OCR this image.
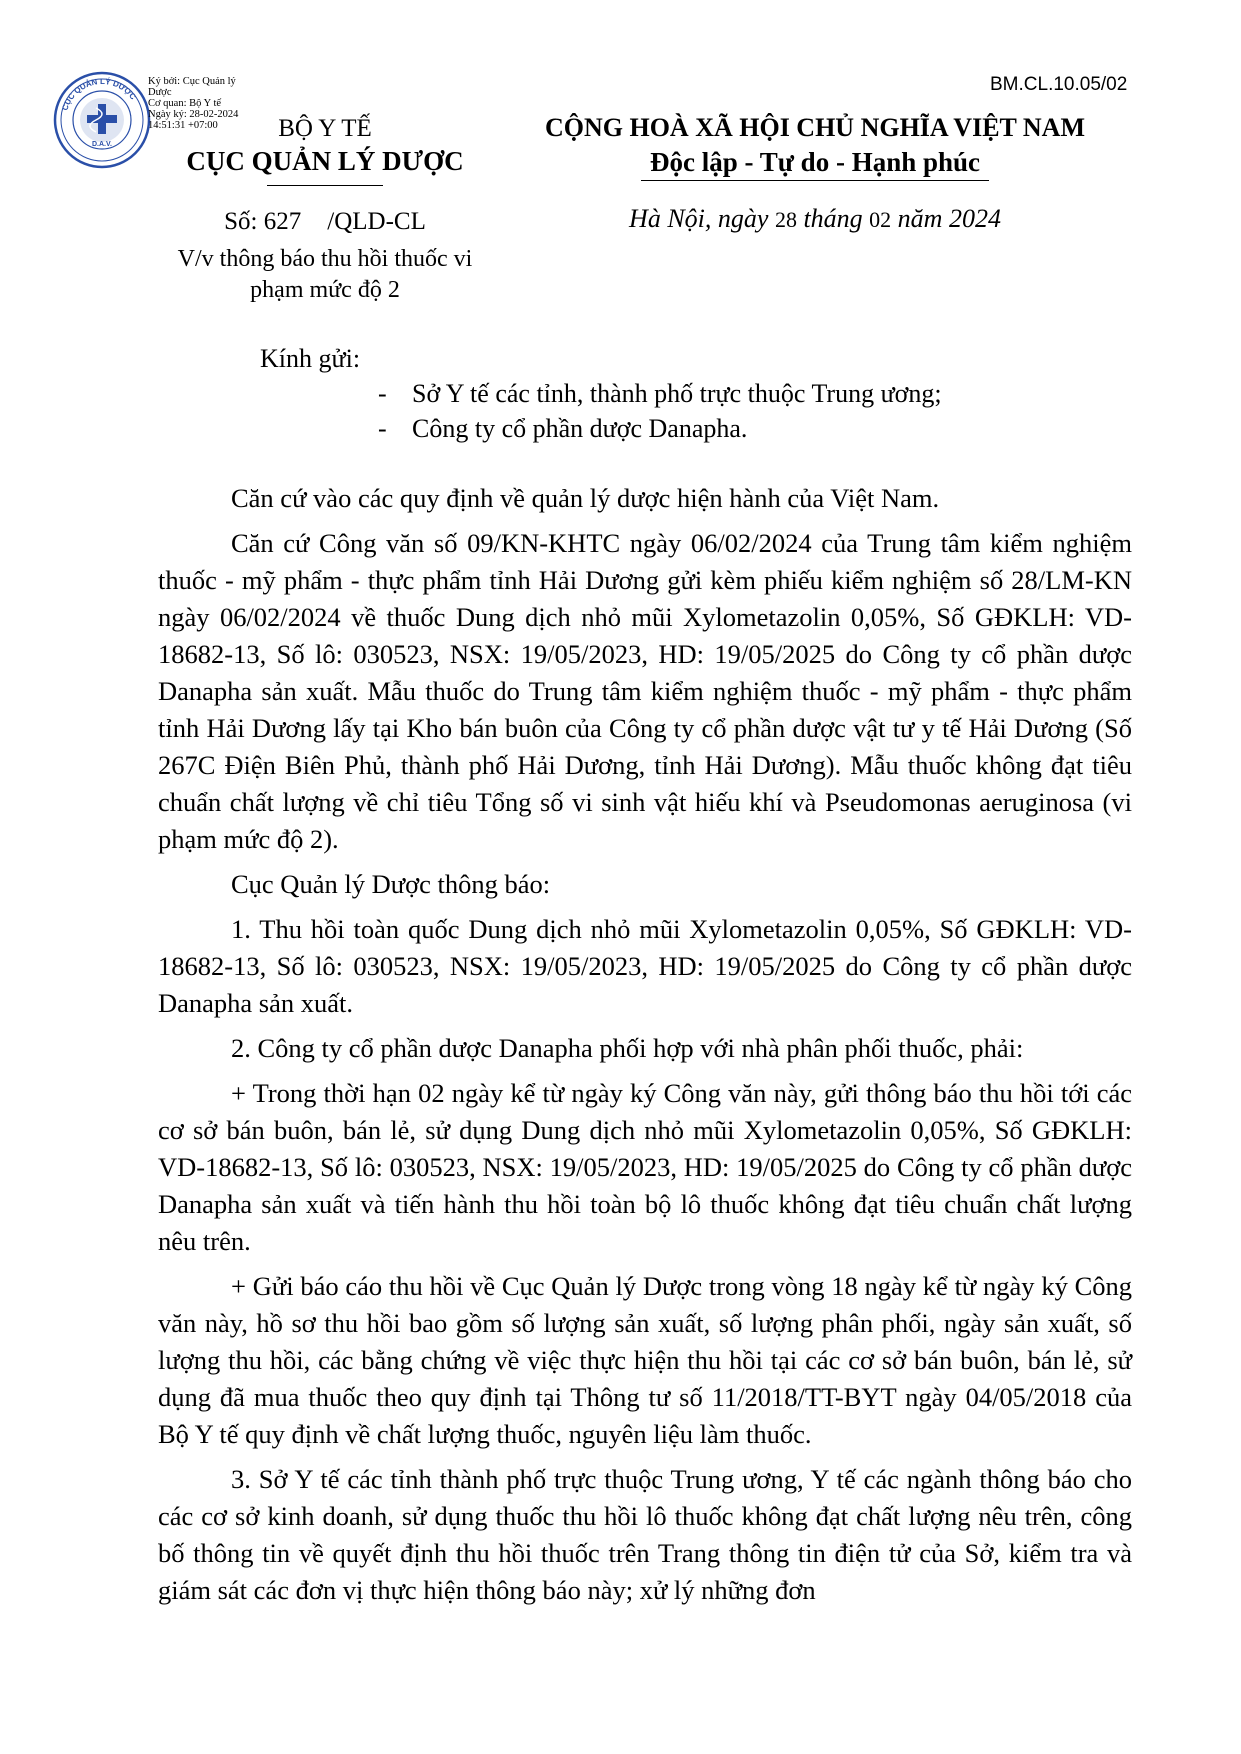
BM.CL.10.05/02
CỤC QUẢN LÝ DƯỢC
D.A.V.
Ký bởi: Cục Quản lý Dược
Cơ quan: Bộ Y tế
Ngày ký: 28-02-2024 14:51:31 +07:00	BỘ Y TẾ
CỤC QUẢN LÝ DƯỢC
Số: 627 /QLD-CL
V/v thông báo thu hồi thuốc vi phạm mức độ 2
CỘNG HOÀ XÃ HỘI CHỦ NGHĨA VIỆT NAM
Độc lập - Tự do - Hạnh phúc
Hà Nội, ngày 28 tháng 02 năm 2024
Kính gửi:
- Sở Y tế các tỉnh, thành phố trực thuộc Trung ương;
- Công ty cổ phần dược Danapha.

Căn cứ vào các quy định về quản lý dược hiện hành của Việt Nam.

Căn cứ Công văn số 09/KN-KHTC ngày 06/02/2024 của Trung tâm kiểm nghiệm thuốc - mỹ phẩm - thực phẩm tỉnh Hải Dương gửi kèm phiếu kiểm nghiệm số 28/LM-KN ngày 06/02/2024 về thuốc Dung dịch nhỏ mũi Xylometazolin 0,05%, Số GĐKLH: VD-18682-13, Số lô: 030523, NSX: 19/05/2023, HD: 19/05/2025 do Công ty cổ phần dược Danapha sản xuất. Mẫu thuốc do Trung tâm kiểm nghiệm thuốc - mỹ phẩm - thực phẩm tỉnh Hải Dương lấy tại Kho bán buôn của Công ty cổ phần dược vật tư y tế Hải Dương (Số 267C Điện Biên Phủ, thành phố Hải Dương, tỉnh Hải Dương). Mẫu thuốc không đạt tiêu chuẩn chất lượng về chỉ tiêu Tổng số vi sinh vật hiếu khí và Pseudomonas aeruginosa (vi phạm mức độ 2).

Cục Quản lý Dược thông báo:

1. Thu hồi toàn quốc Dung dịch nhỏ mũi Xylometazolin 0,05%, Số GĐKLH: VD-18682-13, Số lô: 030523, NSX: 19/05/2023, HD: 19/05/2025 do Công ty cổ phần dược Danapha sản xuất.

2. Công ty cổ phần dược Danapha phối hợp với nhà phân phối thuốc, phải:

+ Trong thời hạn 02 ngày kể từ ngày ký Công văn này, gửi thông báo thu hồi tới các cơ sở bán buôn, bán lẻ, sử dụng Dung dịch nhỏ mũi Xylometazolin 0,05%, Số GĐKLH: VD-18682-13, Số lô: 030523, NSX: 19/05/2023, HD: 19/05/2025 do Công ty cổ phần dược Danapha sản xuất và tiến hành thu hồi toàn bộ lô thuốc không đạt tiêu chuẩn chất lượng nêu trên.

+ Gửi báo cáo thu hồi về Cục Quản lý Dược trong vòng 18 ngày kể từ ngày ký Công văn này, hồ sơ thu hồi bao gồm số lượng sản xuất, số lượng phân phối, ngày sản xuất, số lượng thu hồi, các bằng chứng về việc thực hiện thu hồi tại các cơ sở bán buôn, bán lẻ, sử dụng đã mua thuốc theo quy định tại Thông tư số 11/2018/TT-BYT ngày 04/05/2018 của Bộ Y tế quy định về chất lượng thuốc, nguyên liệu làm thuốc.

3. Sở Y tế các tỉnh thành phố trực thuộc Trung ương, Y tế các ngành thông báo cho các cơ sở kinh doanh, sử dụng thuốc thu hồi lô thuốc không đạt chất lượng nêu trên, công bố thông tin về quyết định thu hồi thuốc trên Trang thông tin điện tử của Sở, kiểm tra và giám sát các đơn vị thực hiện thông báo này; xử lý những đơn
